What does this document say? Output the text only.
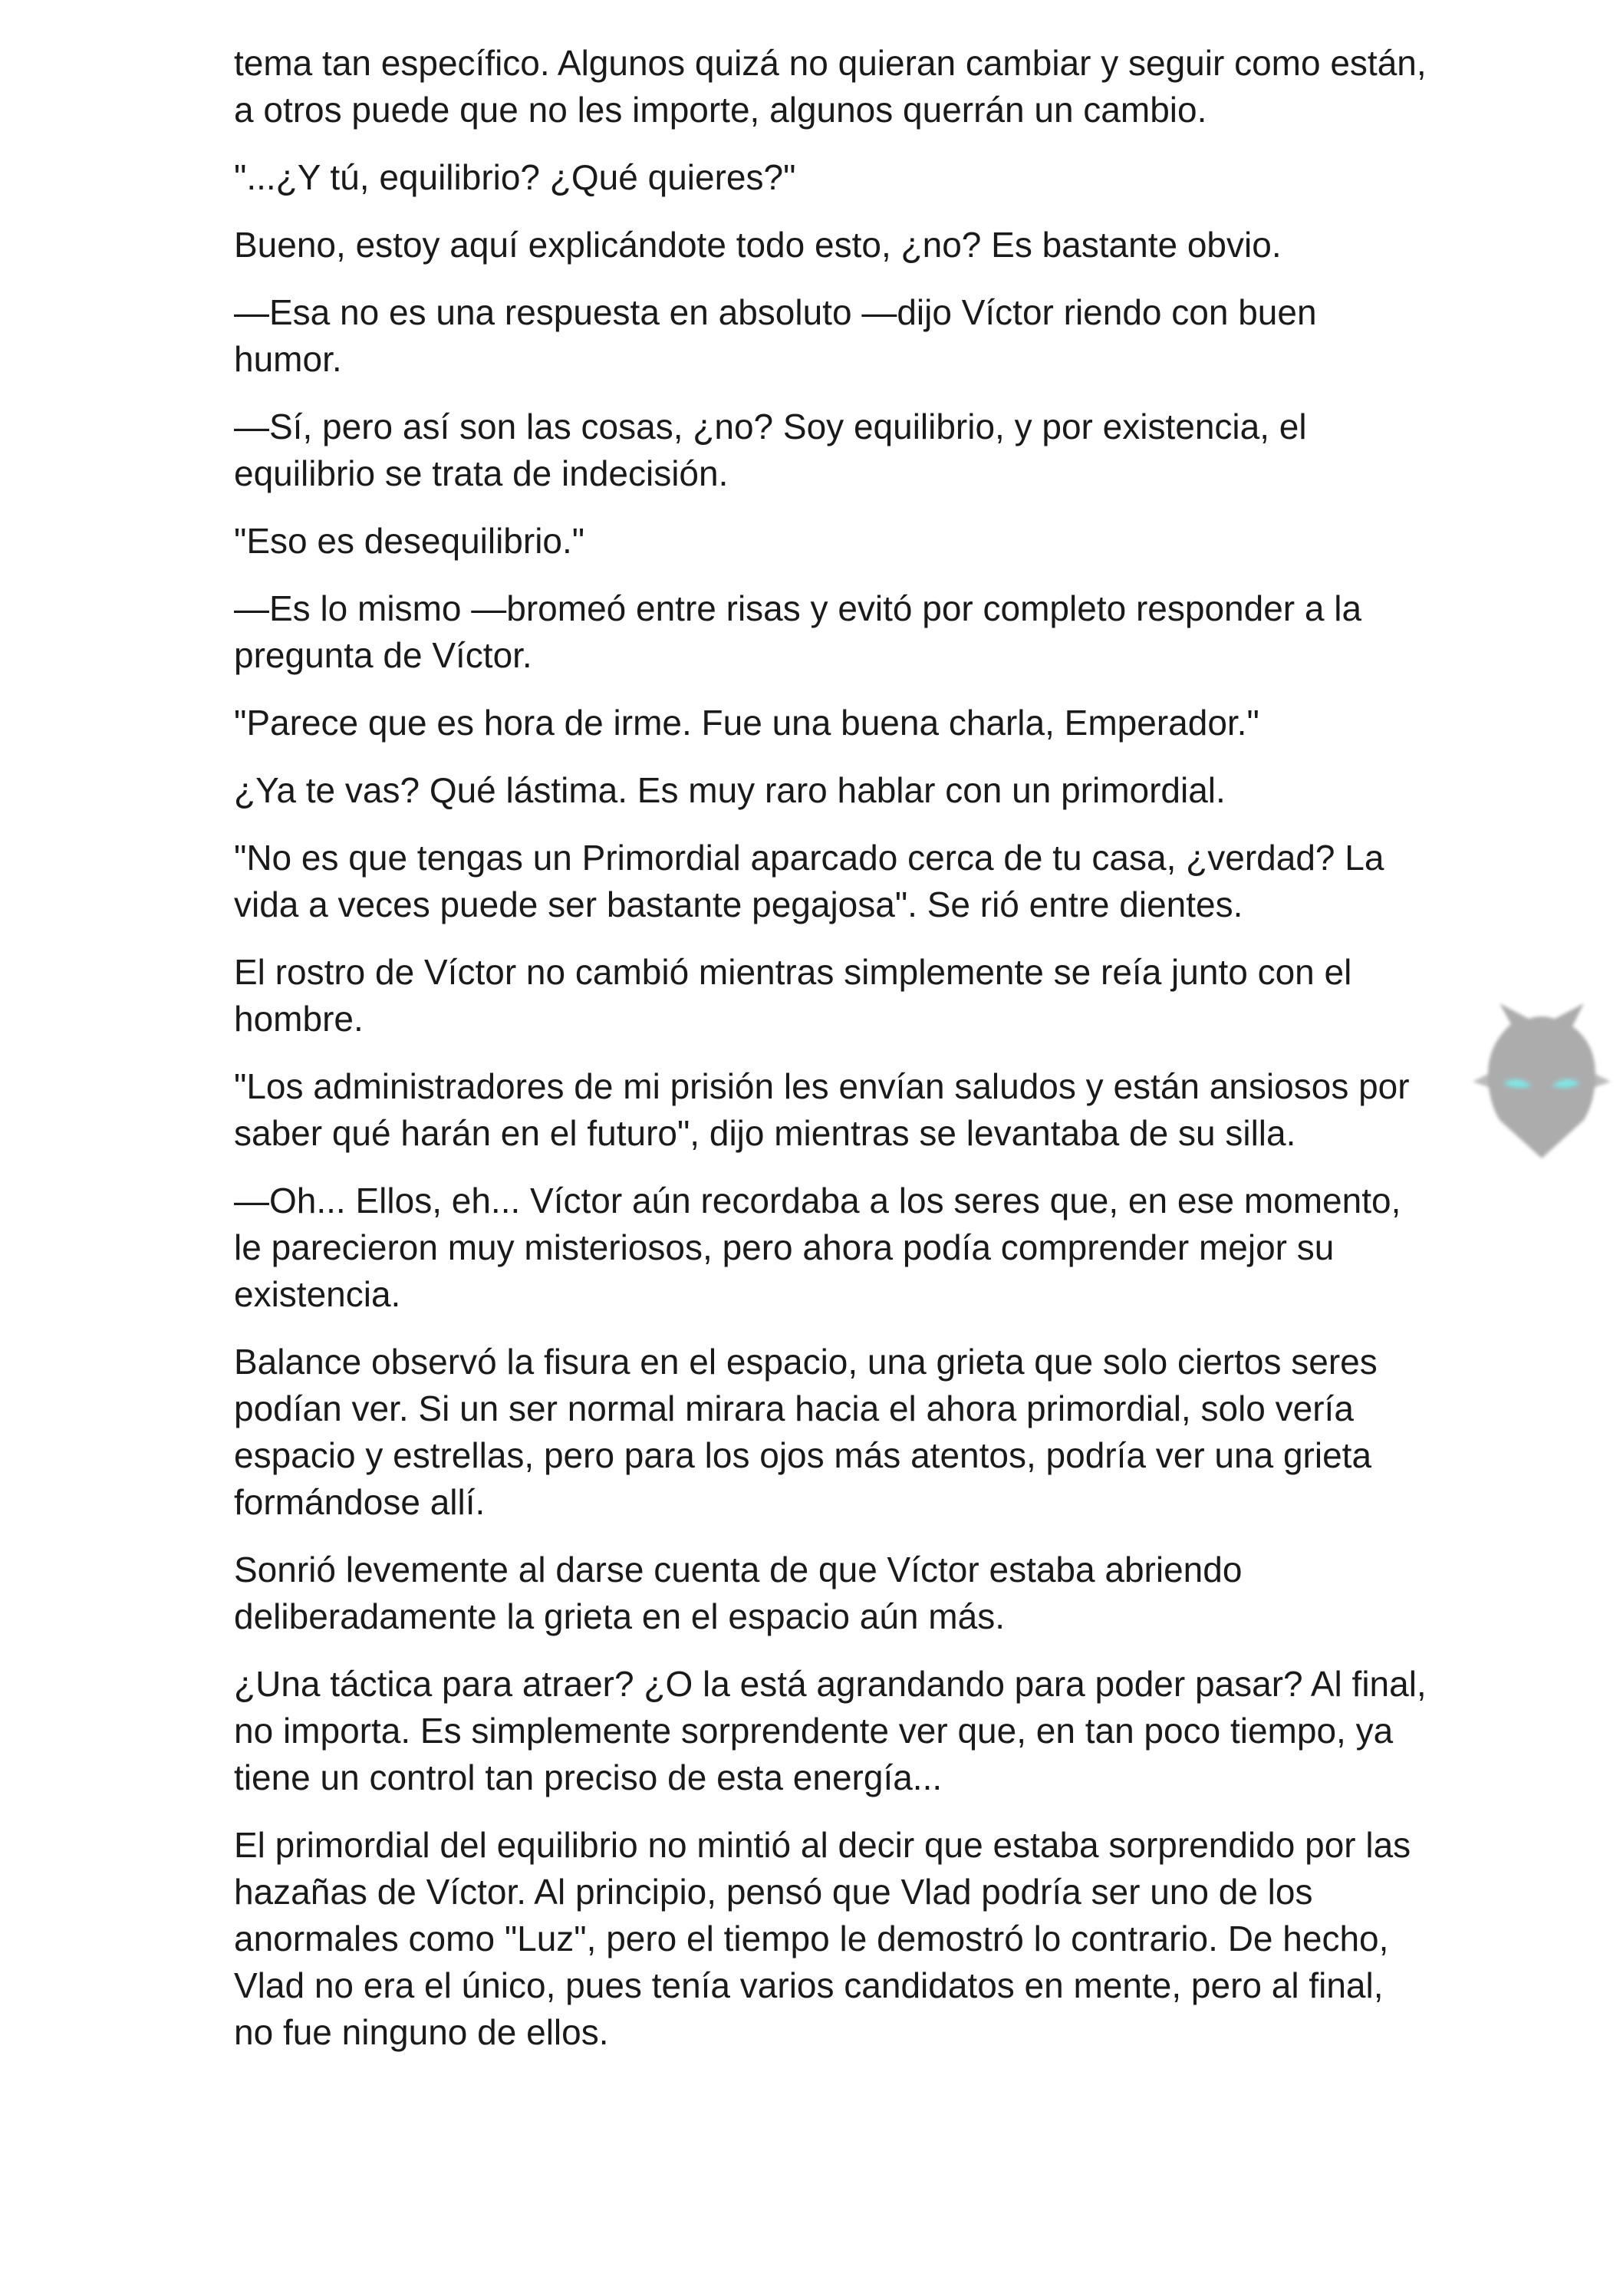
tema tan específico. Algunos quizá no quieran cambiar y seguir como están, a otros puede que no les importe, algunos querrán un cambio.

"...¿Y tú, equilibrio? ¿Qué quieres?"

Bueno, estoy aquí explicándote todo esto, ¿no? Es bastante obvio.

—Esa no es una respuesta en absoluto —dijo Víctor riendo con buen humor.

—Sí, pero así son las cosas, ¿no? Soy equilibrio, y por existencia, el equilibrio se trata de indecisión.

"Eso es desequilibrio."

—Es lo mismo —bromeó entre risas y evitó por completo responder a la pregunta de Víctor.

"Parece que es hora de irme. Fue una buena charla, Emperador."

¿Ya te vas? Qué lástima. Es muy raro hablar con un primordial.

"No es que tengas un Primordial aparcado cerca de tu casa, ¿verdad? La vida a veces puede ser bastante pegajosa". Se rió entre dientes.

El rostro de Víctor no cambió mientras simplemente se reía junto con el hombre.

"Los administradores de mi prisión les envían saludos y están ansiosos por saber qué harán en el futuro", dijo mientras se levantaba de su silla.

—Oh... Ellos, eh... Víctor aún recordaba a los seres que, en ese momento, le parecieron muy misteriosos, pero ahora podía comprender mejor su existencia.

Balance observó la fisura en el espacio, una grieta que solo ciertos seres podían ver. Si un ser normal mirara hacia el ahora primordial, solo vería espacio y estrellas, pero para los ojos más atentos, podría ver una grieta formándose allí.

Sonrió levemente al darse cuenta de que Víctor estaba abriendo deliberadamente la grieta en el espacio aún más.

¿Una táctica para atraer? ¿O la está agrandando para poder pasar? Al final, no importa. Es simplemente sorprendente ver que, en tan poco tiempo, ya tiene un control tan preciso de esta energía...

El primordial del equilibrio no mintió al decir que estaba sorprendido por las hazañas de Víctor. Al principio, pensó que Vlad podría ser uno de los anormales como "Luz", pero el tiempo le demostró lo contrario. De hecho, Vlad no era el único, pues tenía varios candidatos en mente, pero al final, no fue ninguno de ellos.
